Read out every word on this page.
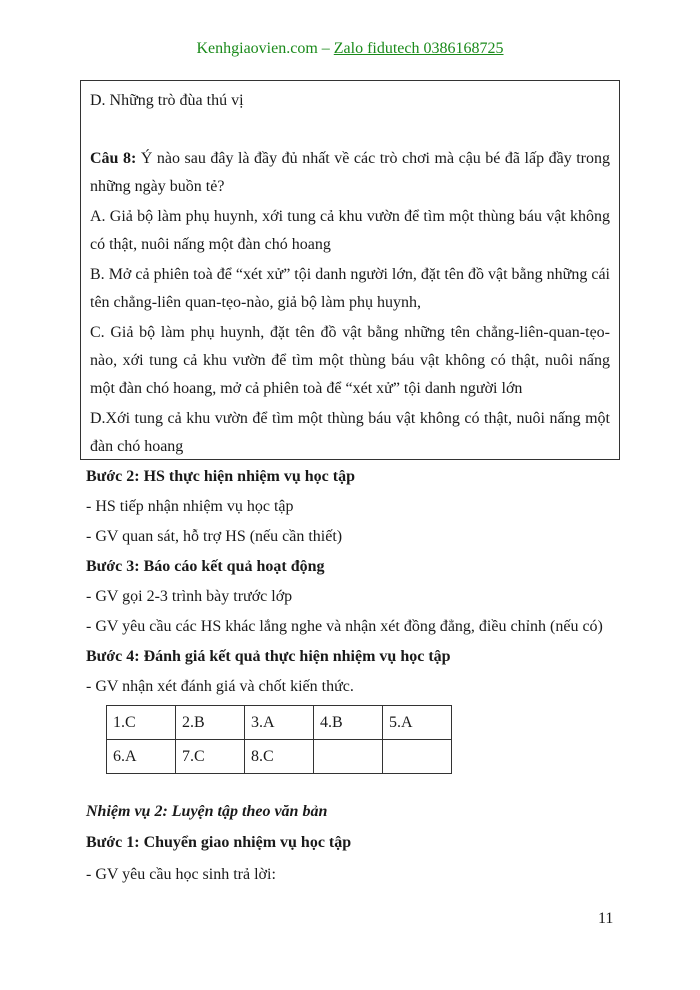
Kenhgiaovien.com – Zalo fidutech 0386168725

D. Những trò đùa thú vị

Câu 8: Ý nào sau đây là đầy đủ nhất về các trò chơi mà cậu bé đã lấp đầy trong những ngày buồn tẻ?

A. Giả bộ làm phụ huynh, xới tung cả khu vườn để tìm một thùng báu vật không có thật, nuôi nấng một đàn chó hoang

B. Mở cả phiên toà để “xét xử” tội danh người lớn, đặt tên đồ vật bằng những cái tên chẳng-liên quan-tẹo-nào, giả bộ làm phụ huynh,

C. Giả bộ làm phụ huynh, đặt tên đồ vật bằng những tên chẳng-liên-quan-tẹo-nào, xới tung cả khu vườn để tìm một thùng báu vật không có thật, nuôi nấng một đàn chó hoang, mở cả phiên toà để “xét xử” tội danh người lớn

D.Xới tung cả khu vườn để tìm một thùng báu vật không có thật, nuôi nấng một đàn chó hoang

Bước 2: HS thực hiện nhiệm vụ học tập
- HS tiếp nhận nhiệm vụ học tập
- GV quan sát, hỗ trợ HS (nếu cần thiết)
Bước 3: Báo cáo kết quả hoạt động
- GV gọi 2-3 trình bày trước lớp
- GV yêu cầu các HS khác lắng nghe và nhận xét đồng đẳng, điều chỉnh (nếu có)
Bước 4: Đánh giá kết quả thực hiện nhiệm vụ học tập
- GV nhận xét đánh giá và chốt kiến thức.
1.C	2.B	3.A	4.B	5.A
6.A	7.C	8.C		
Nhiệm vụ 2: Luyện tập theo văn bản
Bước 1: Chuyển giao nhiệm vụ học tập
- GV yêu cầu học sinh trả lời:
11
